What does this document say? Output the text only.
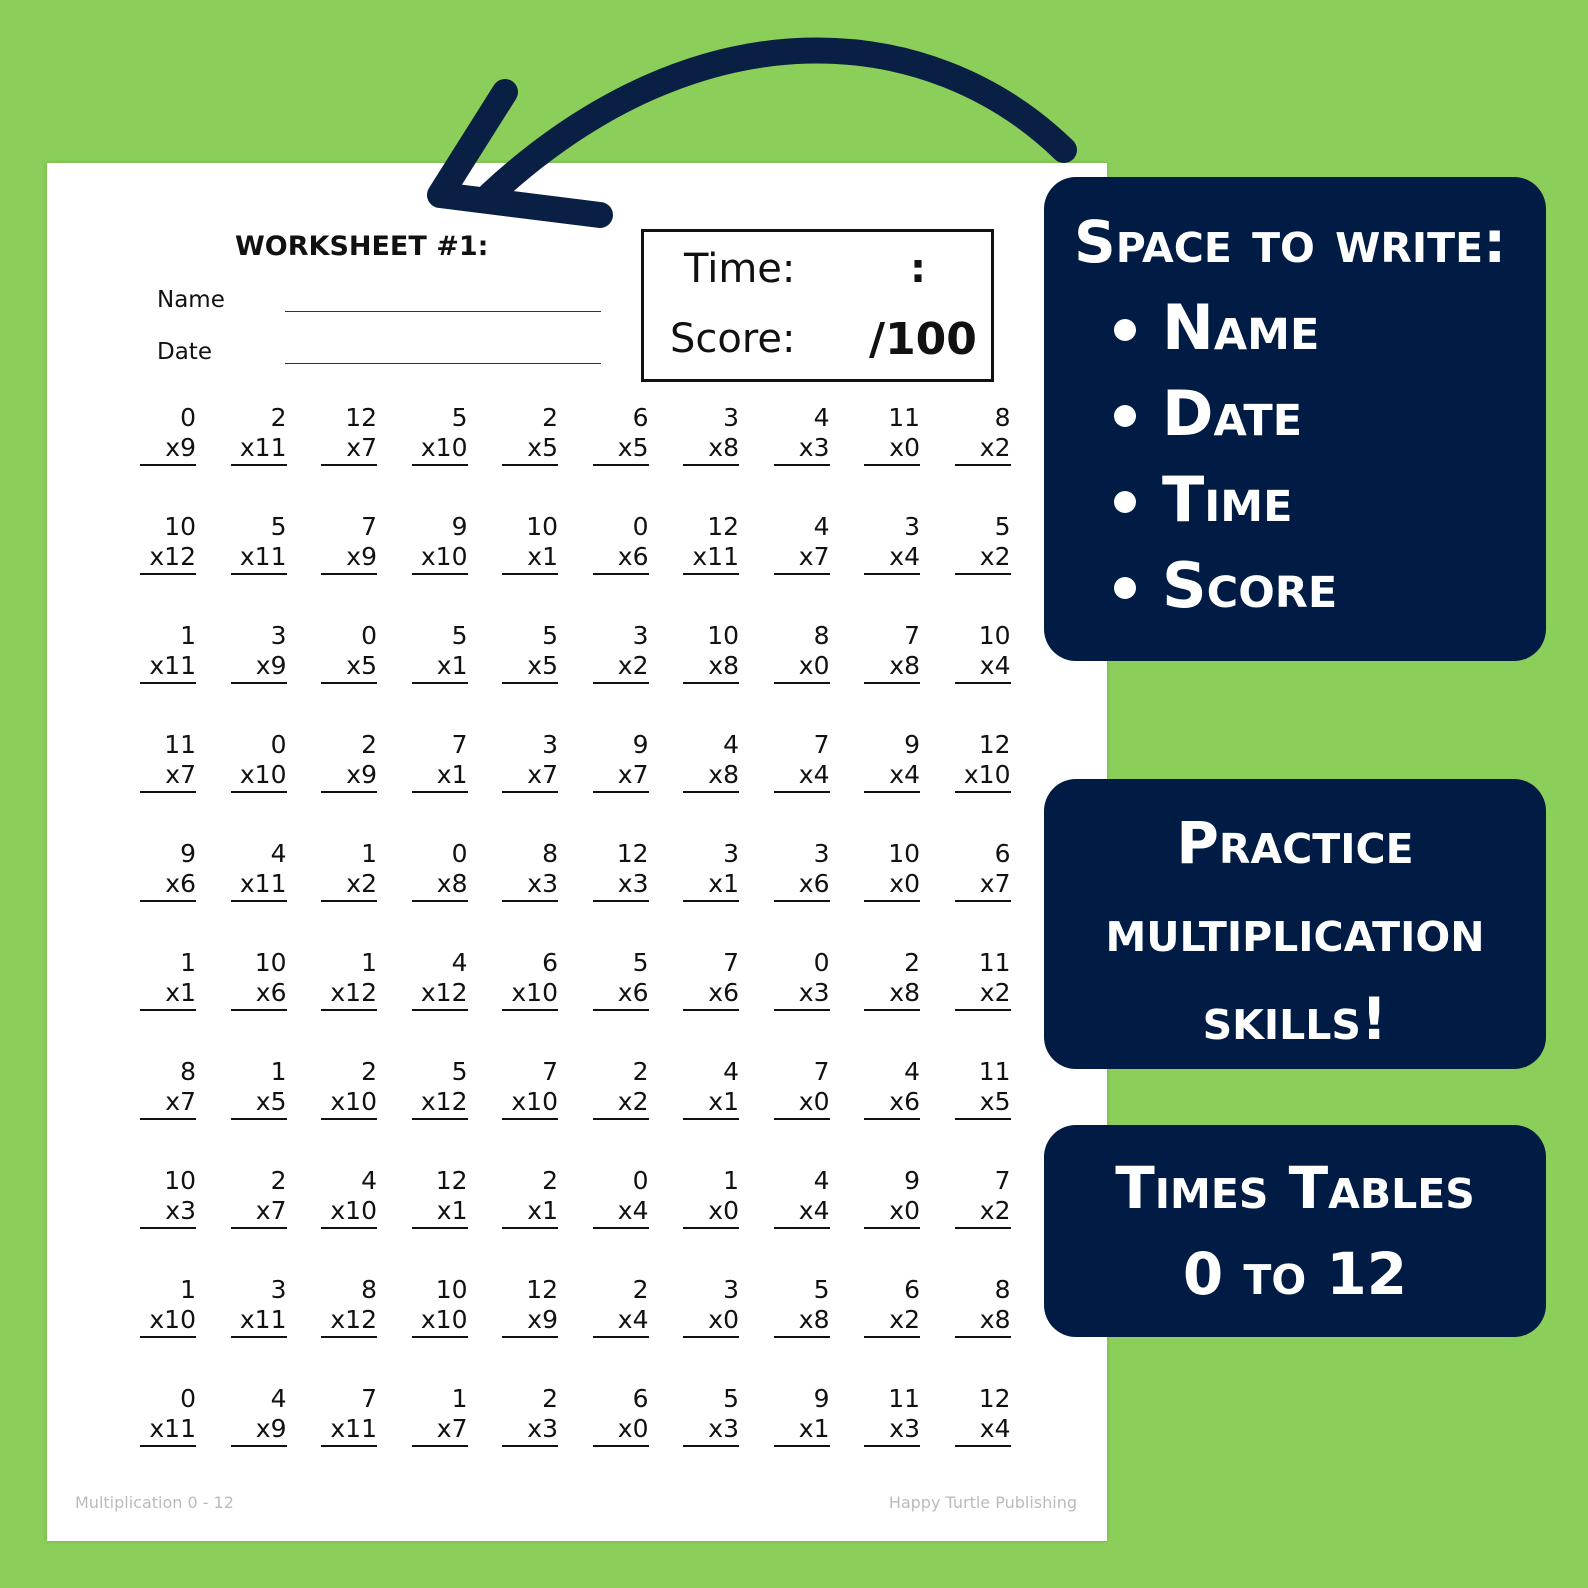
WORKSHEET #1:
Name
Date
Time:	:
Score: /100
0
x9
2
x11
12
x7
5
x10
2
x5
6
x5
3
x8
4
x3
11
x0
8
x2
10
x12
5
x11
7
x9
9
x10
10
x1
0
x6
12
x11
4
x7
3
x4
5
x2
1
x11
3
x9
0
x5
5
x1
5
x5
3
x2
10
x8
8
x0
7
x8
10
x4
11
x7
0
x10
2
x9
7
x1
3
x7
9
x7
4
x8
7
x4
9
x4
12
x10
9
x6
4
x11
1
x2
0
x8
8
x3
12
x3
3
x1
3
x6
10
x0
6
x7
1
x1
10
x6
1
x12
4
x12
6
x10
5
x6
7
x6
0
x3
2
x8
11
x2
8
x7
1
x5
2
x10
5
x12
7
x10
2
x2
4
x1
7
x0
4
x6
11
x5
10
x3
2
x7
4
x10
12
x1
2
x1
0
x4
1
x0
4
x4
9
x0
7
x2
1
x10
3
x11
8
x12
10
x10
12
x9
2
x4
3
x0
5
x8
6
x2
8
x8
0
x11
4
x9
7
x11
1
x7
2
x3
6
x0
5
x3
9
x1
11
x3
12
x4
Multiplication 0 - 12	Happy Turtle Publishing
Space to write:
Name
Date
Time
Score
Practice
multiplication
skills!
Times Tables
0 to 12
